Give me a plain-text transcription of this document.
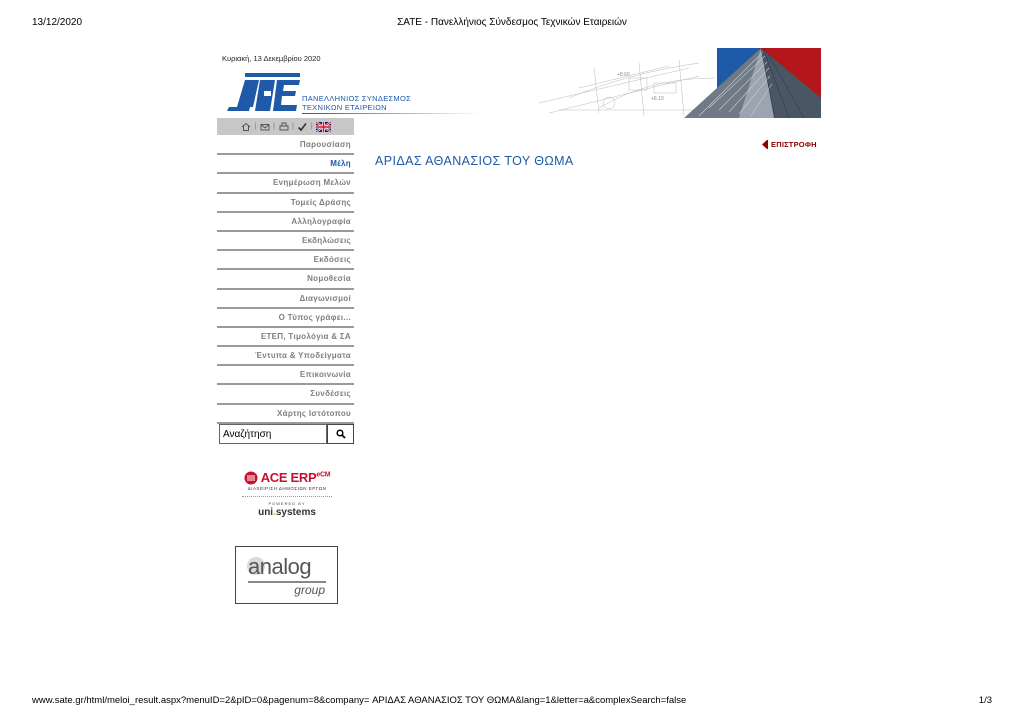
13/12/2020	ΣΑΤΕ - Πανελλήνιος Σύνδεσμος Τεχνικών Εταιρειών
Κυριακή, 13 Δεκεμβρίου 2020
ΠΑΝΕΛΛΗΝΙΟΣ ΣΥΝΔΕΣΜΟΣ
ΤΕΧΝΙΚΩΝ ΕΤΑΙΡΕΙΩΝ
+8.60
+6.10
| | | |
Παρουσίαση
Μέλη
Ενημέρωση Μελών
Τομείς Δράσης
Αλληλογραφία
Εκδηλώσεις
Εκδόσεις
Νομοθεσία
Διαγωνισμοί
Ο Τύπος γράφει...
ΕΤΕΠ, Τιμολόγια & ΣΑ
Έντυπα & Υποδείγματα
Επικοινωνία
Συνδέσεις
Χάρτης Ιστότοπου
Αναζήτηση
ACE $ERP^{eCM}$
ΔΙΑΧΕΙΡΙΣΗ ΔΗΜΟΣΙΩΝ ΕΡΓΩΝ
POWERED BY
uni.systems
analog
group
ΕΠΙΣΤΡΟΦΗ
ΑΡΙΔΑΣ ΑΘΑΝΑΣΙΟΣ ΤΟΥ ΘΩΜΑ
www.sate.gr/html/meloi_result.aspx?menuID=2&pID=0&pagenum=8&company= ΑΡΙΔΑΣ ΑΘΑΝΑΣΙΟΣ ΤΟΥ ΘΩΜΑ&lang=1&letter=a&complexSearch=false	1/3
